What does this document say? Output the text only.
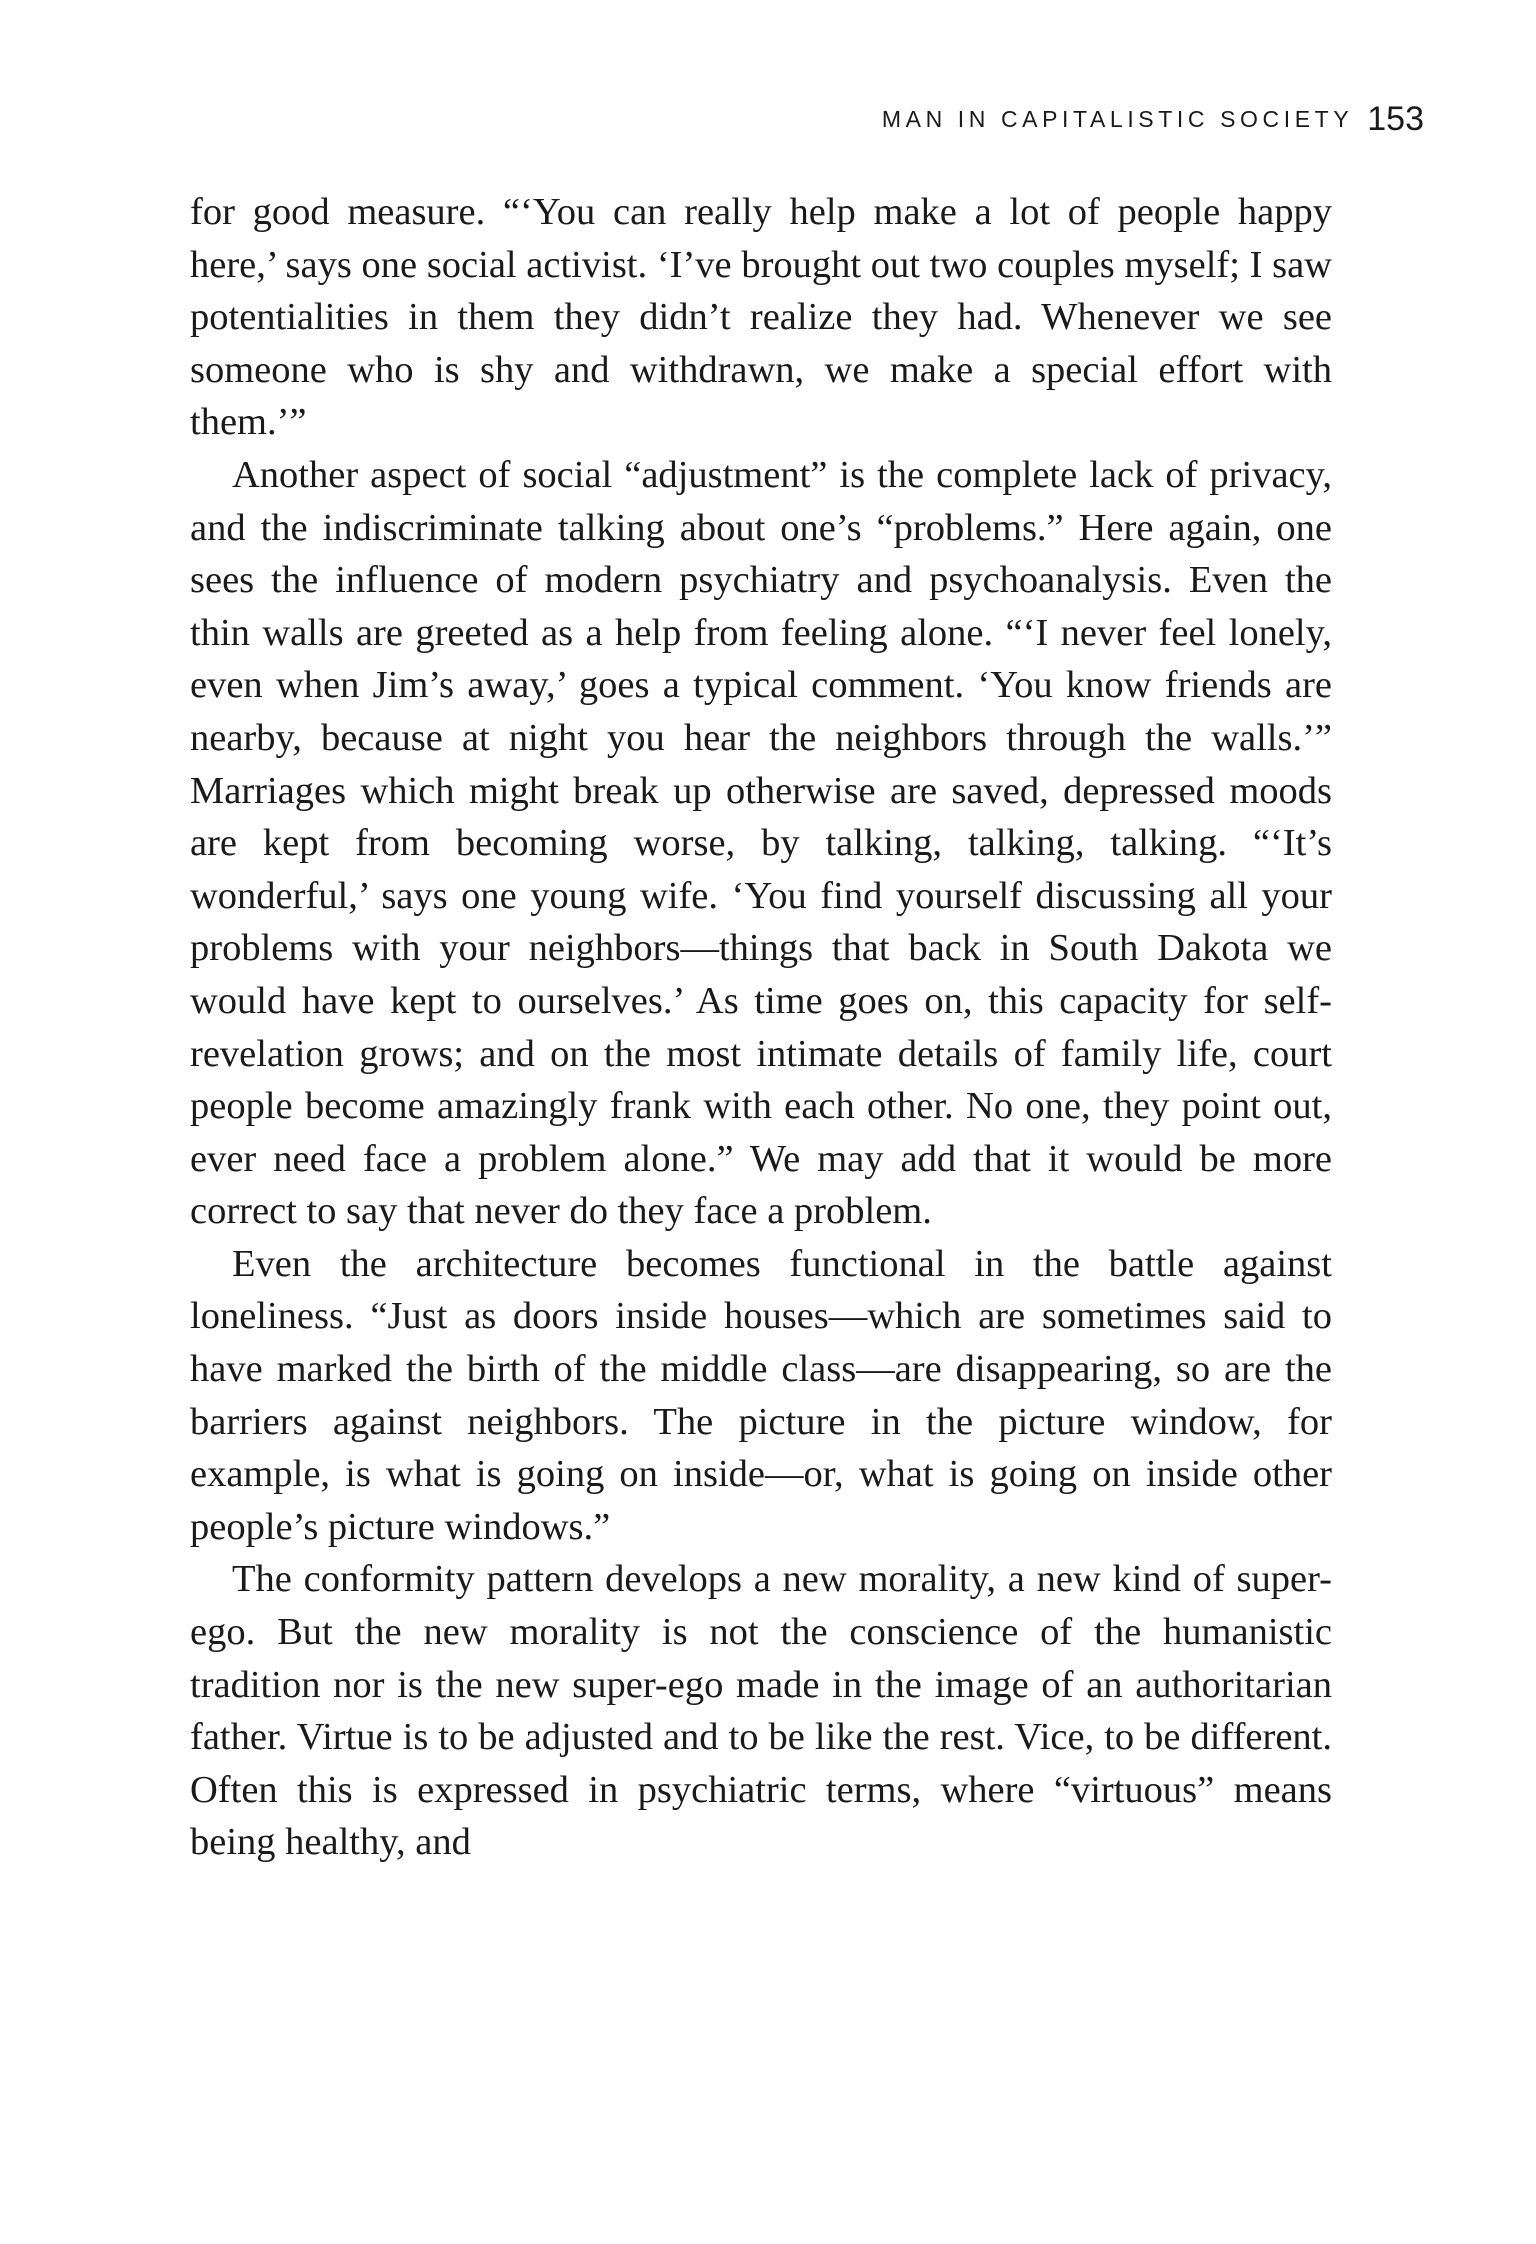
MAN IN CAPITALISTIC SOCIETY 153

for good measure. “‘You can really help make a lot of people happy here,’ says one social activist. ‘I’ve brought out two couples myself; I saw potentialities in them they didn’t realize they had. Whenever we see someone who is shy and withdrawn, we make a special effort with them.’”

Another aspect of social “adjustment” is the complete lack of privacy, and the indiscriminate talking about one’s “problems.” Here again, one sees the influence of modern psychiatry and psychoanalysis. Even the thin walls are greeted as a help from feeling alone. “‘I never feel lonely, even when Jim’s away,’ goes a typical comment. ‘You know friends are nearby, because at night you hear the neighbors through the walls.’” Marriages which might break up otherwise are saved, depressed moods are kept from becoming worse, by talking, talking, talking. “‘It’s wonderful,’ says one young wife. ‘You find yourself discussing all your problems with your neighbors—things that back in South Dakota we would have kept to ourselves.’ As time goes on, this capacity for self-revelation grows; and on the most intimate details of family life, court people become amazingly frank with each other. No one, they point out, ever need face a problem alone.” We may add that it would be more correct to say that never do they face a problem.

Even the architecture becomes functional in the battle against loneliness. “Just as doors inside houses—which are sometimes said to have marked the birth of the middle class—are disappearing, so are the barriers against neighbors. The picture in the picture window, for example, is what is going on inside—or, what is going on inside other people’s picture windows.”

The conformity pattern develops a new morality, a new kind of super-ego. But the new morality is not the conscience of the humanistic tradition nor is the new super-ego made in the image of an authoritarian father. Virtue is to be adjusted and to be like the rest. Vice, to be different. Often this is expressed in psychiatric terms, where “virtuous” means being healthy, and
